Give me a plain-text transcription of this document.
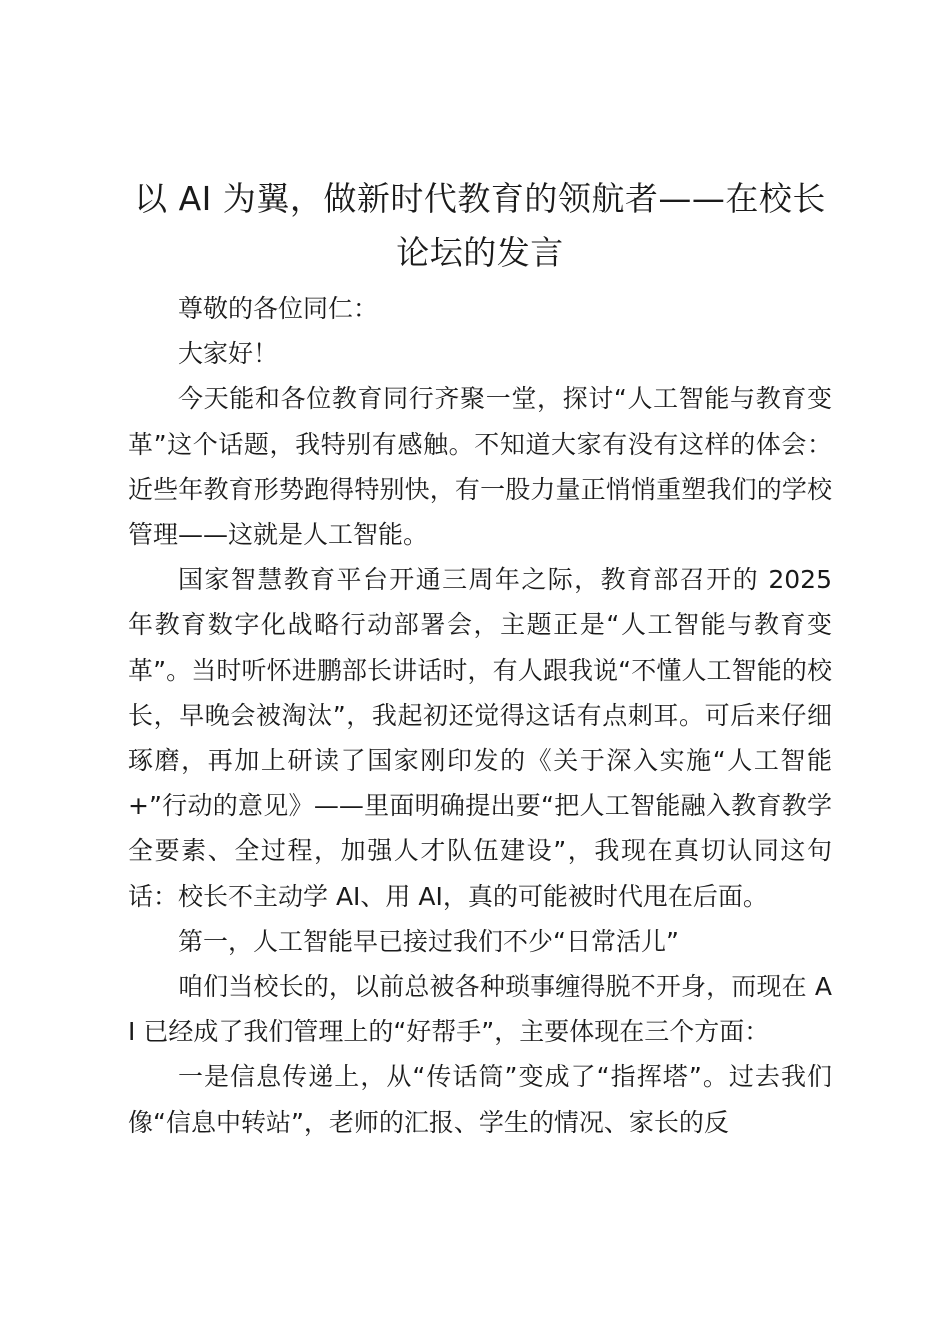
以 AI 为翼，做新时代教育的领航者——在校长论坛的发言

尊敬的各位同仁：

大家好！

今天能和各位教育同行齐聚一堂，探讨“人工智能与教育变革”这个话题，我特别有感触。不知道大家有没有这样的体会：近些年教育形势跑得特别快，有一股力量正悄悄重塑我们的学校管理——这就是人工智能。

国家智慧教育平台开通三周年之际，教育部召开的 2025 年教育数字化战略行动部署会，主题正是“人工智能与教育变革”。当时听怀进鹏部长讲话时，有人跟我说“不懂人工智能的校长，早晚会被淘汰”，我起初还觉得这话有点刺耳。可后来仔细琢磨，再加上研读了国家刚印发的《关于深入实施“人工智能+”行动的意见》——里面明确提出要“把人工智能融入教育教学全要素、全过程，加强人才队伍建设”，我现在真切认同这句话：校长不主动学 AI、用 AI，真的可能被时代甩在后面。

第一，人工智能早已接过我们不少“日常活儿”

咱们当校长的，以前总被各种琐事缠得脱不开身，而现在 AI 已经成了我们管理上的“好帮手”，主要体现在三个方面：

一是信息传递上，从“传话筒”变成了“指挥塔”。过去我们像“信息中转站”，老师的汇报、学生的情况、家长的反
